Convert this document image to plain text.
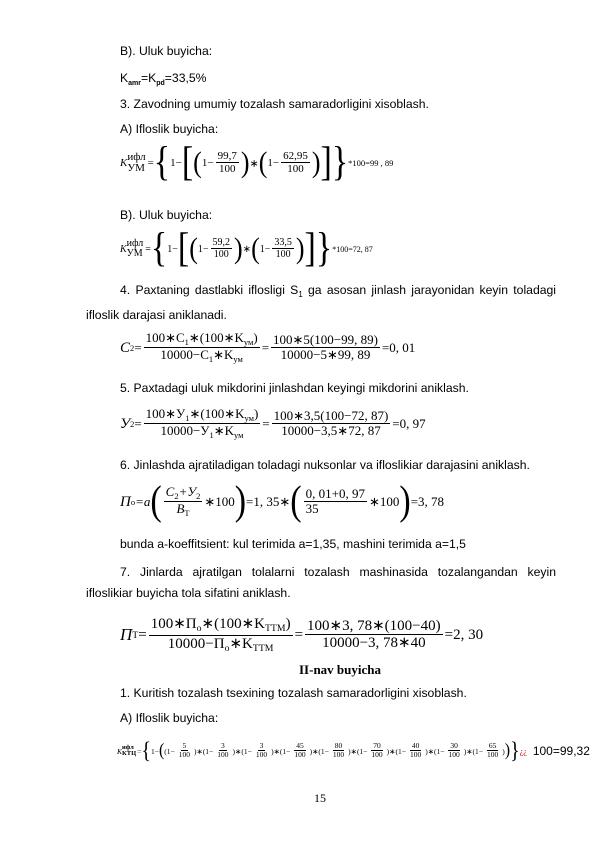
B). Uluk buyicha:
$K_{amr}=K_{pd}=33,5\%$
3. Zavodning umumiy tozalash samaradorligini xisoblash.
A) Ifloslik buyicha:
K ифл
УМ = { 1− [ ( $1- \frac{99,7}{100}$ ) ∗ ( $1- \frac{62,95}{100}$ ) ] } *100=99 , 89
B). Uluk buyicha:
K ифл
УМ = { 1− [ ( $1- \frac{59,2}{100}$ ) ∗ ( $1- \frac{33,5}{100}$ ) ] } *100=72, 87
4. Paxtaning dastlabki iflosligi $S_1$ ga asosan jinlash jarayonidan keyin toladagi ifloslik darajasi aniklanadi.
C $2 = \frac{100∗C_1∗(100∗K_{ум})}{10000-C_1∗K_{ум}} = \frac{100∗5(100-99, 89)}{10000-5∗99, 89} =0$, 01
5. Paxtadagi uluk mikdorini jinlashdan keyingi mikdorini aniklash.
У $2 = \frac{100∗У_1∗(100∗K_{ум})}{10000-У_1∗K_{ум}} = \frac{100∗3,5(100-72, 87)}{10000-3,5∗72, 87} =0$, 97
6. Jinlashda ajratiladigan toladagi nuksonlar va ifloslikiar darajasini aniklash.
П o =a ( $\frac{C_2+У_2}{B_T}$ ∗100 ) =1, 35∗ ( $\frac{0, 01+0, 97}{35}$ ∗100 ) =3, 78
bunda a-koeffitsient: kul terimida a=1,35, mashini terimida a=1,5
7. Jinlarda ajratilgan tolalarni tozalash mashinasida tozalangandan keyin ifloslikiar buyicha tola sifatini aniklash.
П $T = \frac{100∗П_o∗(100∗K_{TTM})}{10000-П_o∗K_{TTM}} = \frac{100∗3, 78∗(100-40)}{10000-3, 78∗40} =2$, 30
II-nav buyicha
1. Kuritish tozalash tsexining tozalash samaradorligini xisoblash.
A) Ifloslik buyicha:
K ифл
КТЦ = { 1− ( ($1- \frac{5}{100}$ )∗ ($1- \frac{3}{100}$ )∗ ($1- \frac{3}{100}$ )∗ ($1- \frac{45}{100}$ )∗ ($1- \frac{80}{100}$ )∗ ($1- \frac{70}{100}$ )∗ ($1- \frac{40}{100}$ )∗ ($1- \frac{30}{100}$ )∗ ($1- \frac{65}{100}$ ) ) } ¿¿ 100=99,32
15
